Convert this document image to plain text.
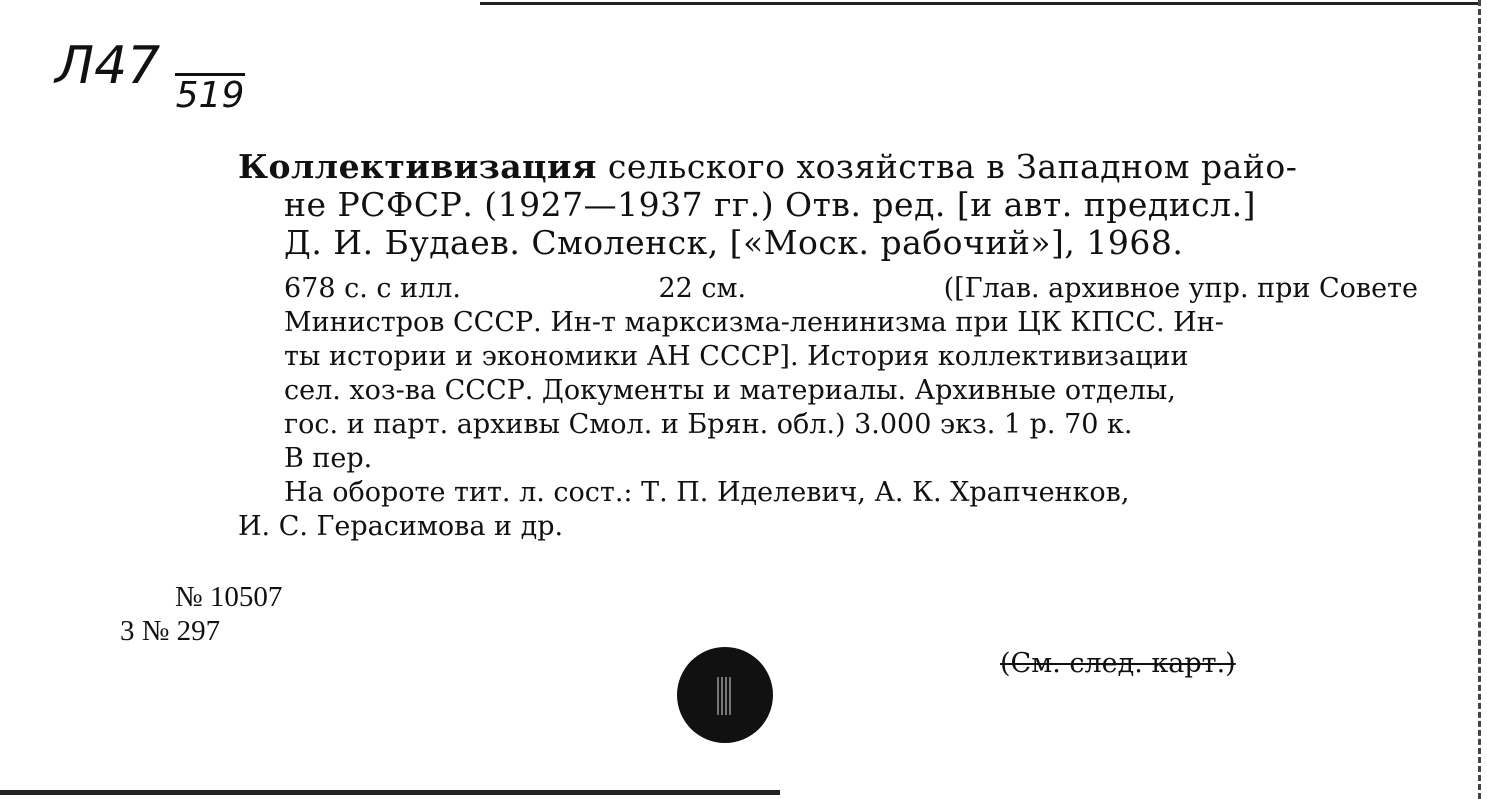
Л47 519
Коллективизация сельского хозяйства в Западном райо-
не РСФСР. (1927—1937 гг.) Отв. ред. [и авт. предисл.]
Д. И. Будаев. Смоленск, [«Моск. рабочий»], 1968.
678 с. с илл.	22 см.	([Глав. архивное упр. при Совете
Министров СССР. Ин-т марксизма-ленинизма при ЦК КПСС. Ин-
ты истории и экономики АН СССР]. История коллективизации
сел. хоз-ва СССР. Документы и материалы. Архивные отделы,
гос. и парт. архивы Смол. и Брян. обл.) 3.000 экз. 1 р. 70 к.
В пер.
На обороте тит. л. сост.: Т. П. Иделевич, А. К. Храпченков,
И. С. Герасимова и др.
№ 10507
3 № 297
(См. след. карт.)
